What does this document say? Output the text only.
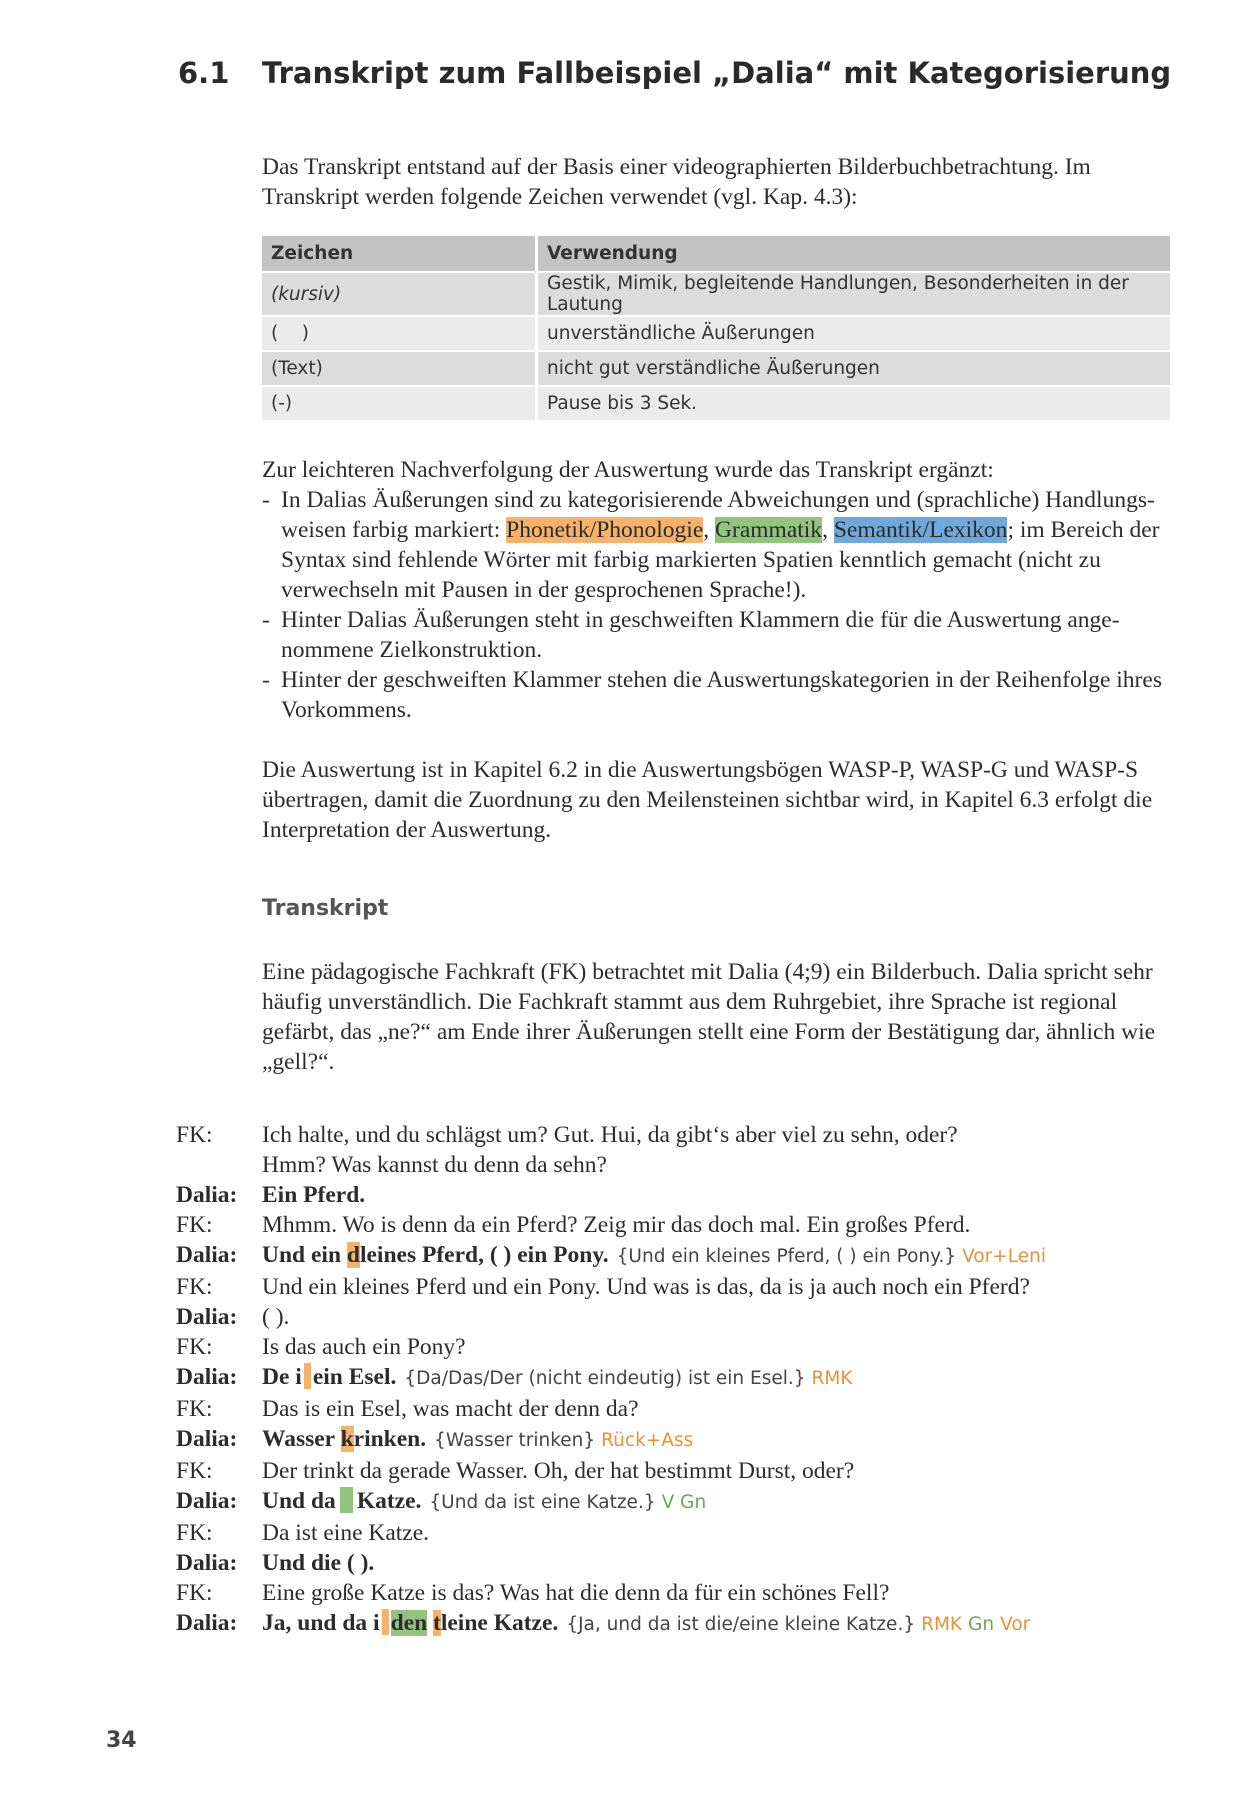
6.1 Transkript zum Fallbeispiel „Dalia“ mit Kategorisierung
Das Transkript entstand auf der Basis einer videographierten Bilderbuchbetrachtung. Im Transkript werden folgende Zeichen verwendet (vgl. Kap. 4.3):
Zeichen	Verwendung
(kursiv)	Gestik, Mimik, begleitende Handlungen, Besonderheiten in der Lautung
(    )	unverständliche Äußerungen
(Text)	nicht gut verständliche Äußerungen
(-)	Pause bis 3 Sek.
Zur leichteren Nachverfolgung der Auswertung wurde das Transkript ergänzt:
- In Dalias Äußerungen sind zu kategorisierende Abweichungen und (sprachliche) Handlungsweisen farbig markiert: Phonetik/Phonologie, Grammatik, Semantik/Lexikon; im Bereich der Syntax sind fehlende Wörter mit farbig markierten Spatien kenntlich gemacht (nicht zu verwechseln mit Pausen in der gesprochenen Sprache!).
- Hinter Dalias Äußerungen steht in geschweiften Klammern die für die Auswertung angenommene Zielkonstruktion.
- Hinter der geschweiften Klammer stehen die Auswertungskategorien in der Reihenfolge ihres Vorkommens.
Die Auswertung ist in Kapitel 6.2 in die Auswertungsbögen WASP-P, WASP-G und WASP-S übertragen, damit die Zuordnung zu den Meilensteinen sichtbar wird, in Kapitel 6.3 erfolgt die Interpretation der Auswertung.
Transkript
Eine pädagogische Fachkraft (FK) betrachtet mit Dalia (4;9) ein Bilderbuch. Dalia spricht sehr häufig unverständlich. Die Fachkraft stammt aus dem Ruhrgebiet, ihre Sprache ist regional gefärbt, das „ne?“ am Ende ihrer Äußerungen stellt eine Form der Bestätigung dar, ähnlich wie „gell?“.
FK:	Ich halte, und du schlägst um? Gut. Hui, da gibt‘s aber viel zu sehn, oder?
Hmm? Was kannst du denn da sehn?
Dalia:	Ein Pferd.
FK:	Mhmm. Wo is denn da ein Pferd? Zeig mir das doch mal. Ein großes Pferd.
Dalia:	Und ein dleines Pferd, ( ) ein Pony. {Und ein kleines Pferd, ( ) ein Pony.} Vor+Leni
FK:	Und ein kleines Pferd und ein Pony. Und was is das, da is ja auch noch ein Pferd?
Dalia:	( ).
FK:	Is das auch ein Pony?
Dalia:	De i ein Esel. {Da/Das/Der (nicht eindeutig) ist ein Esel.} RMK
FK:	Das is ein Esel, was macht der denn da?
Dalia:	Wasser krinken. {Wasser trinken} Rück+Ass
FK:	Der trinkt da gerade Wasser. Oh, der hat bestimmt Durst, oder?
Dalia:	Und da Katze. {Und da ist eine Katze.} V Gn
FK:	Da ist eine Katze.
Dalia:	Und die ( ).
FK:	Eine große Katze is das? Was hat die denn da für ein schönes Fell?
Dalia:	Ja, und da i den tleine Katze. {Ja, und da ist die/eine kleine Katze.} RMK Gn Vor
34
